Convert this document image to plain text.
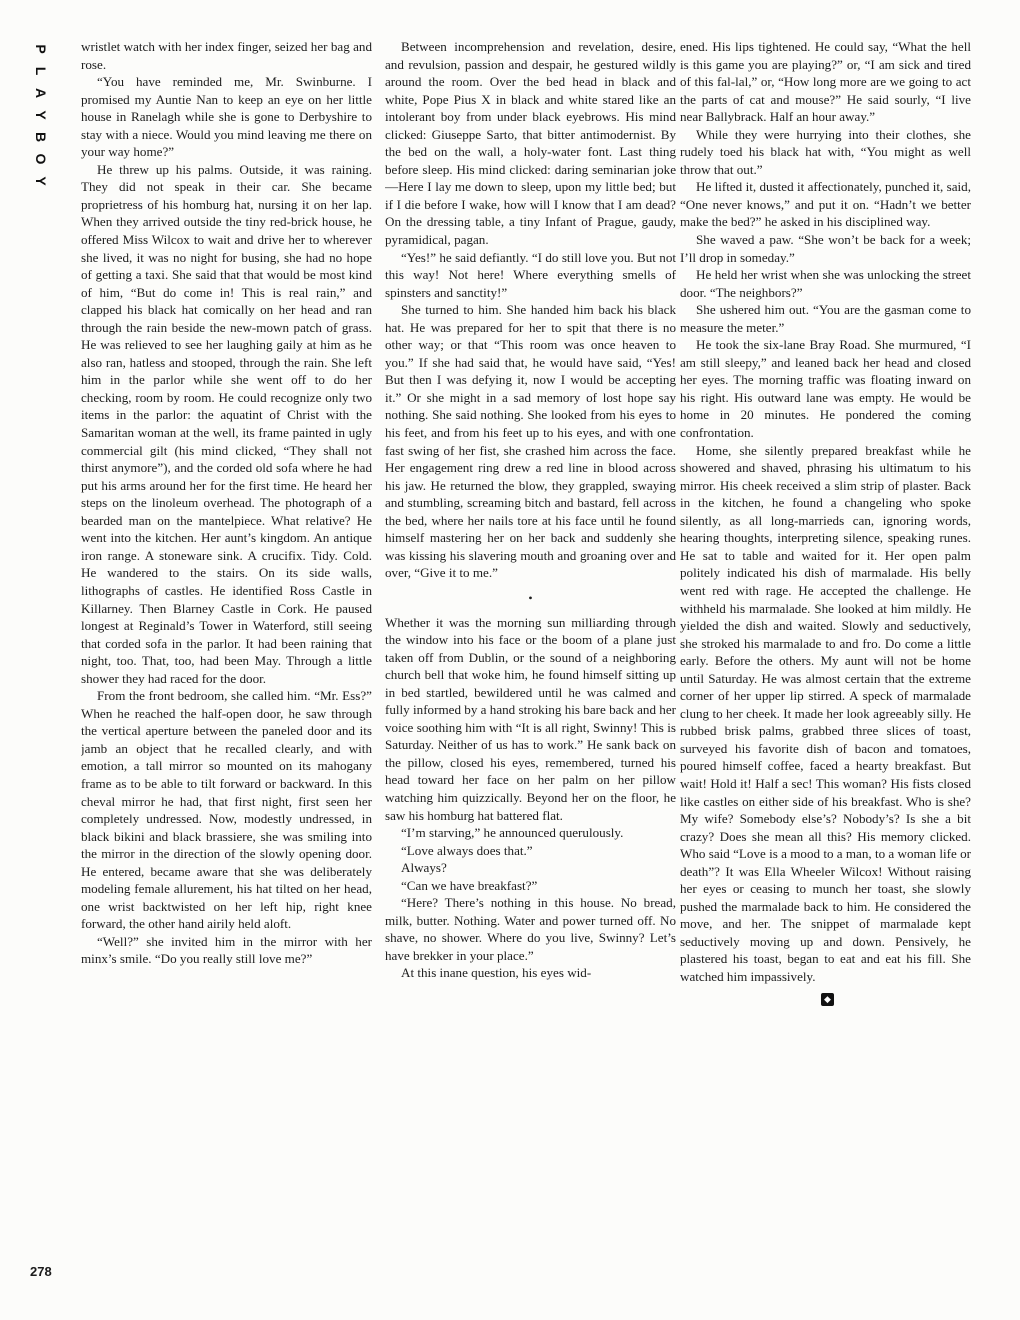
P
L
A
Y
B
O
Y
278

wristlet watch with her index finger, seized her bag and rose.

“You have reminded me, Mr. Swinburne. I promised my Auntie Nan to keep an eye on her little house in Ranelagh while she is gone to Derbyshire to stay with a niece. Would you mind leaving me there on your way home?”

He threw up his palms. Outside, it was raining. They did not speak in their car. She became proprietress of his homburg hat, nursing it on her lap. When they arrived outside the tiny red-brick house, he offered Miss Wilcox to wait and drive her to wherever she lived, it was no night for busing, she had no hope of getting a taxi. She said that that would be most kind of him, “But do come in! This is real rain,” and clapped his black hat comically on her head and ran through the rain beside the new-mown patch of grass. He was relieved to see her laughing gaily at him as he also ran, hatless and stooped, through the rain. She left him in the parlor while she went off to do her checking, room by room. He could recognize only two items in the parlor: the aquatint of Christ with the Samaritan woman at the well, its frame painted in ugly commercial gilt (his mind clicked, “They shall not thirst anymore”), and the corded old sofa where he had put his arms around her for the first time. He heard her steps on the linoleum overhead. The photograph of a bearded man on the mantelpiece. What relative? He went into the kitchen. Her aunt’s kingdom. An antique iron range. A stoneware sink. A crucifix. Tidy. Cold. He wandered to the stairs. On its side walls, lithographs of castles. He identified Ross Castle in Killarney. Then Blarney Castle in Cork. He paused longest at Reginald’s Tower in Waterford, still seeing that corded sofa in the parlor. It had been raining that night, too. That, too, had been May. Through a little shower they had raced for the door.

From the front bedroom, she called him. “Mr. Ess?” When he reached the half-open door, he saw through the vertical aperture between the paneled door and its jamb an object that he recalled clearly, and with emotion, a tall mirror so mounted on its mahogany frame as to be able to tilt forward or backward. In this cheval mirror he had, that first night, first seen her completely undressed. Now, modestly undressed, in black bikini and black brassiere, she was smiling into the mirror in the direction of the slowly opening door. He entered, became aware that she was deliberately modeling female allurement, his hat tilted on her head, one wrist backtwisted on her left hip, right knee forward, the other hand airily held aloft.

“Well?” she invited him in the mirror with her minx’s smile. “Do you really still love me?”

Between incomprehension and revelation, desire, and revulsion, passion and despair, he gestured wildly around the room. Over the bed head in black and white, Pope Pius X in black and white stared like an intolerant boy from under black eyebrows. His mind clicked: Giuseppe Sarto, that bitter antimodernist. By the bed on the wall, a holy-water font. Last thing before sleep. His mind clicked: daring seminarian joke—Here I lay me down to sleep, upon my little bed; but if I die before I wake, how will I know that I am dead? On the dressing table, a tiny Infant of Prague, gaudy, pyramidical, pagan.

“Yes!” he said defiantly. “I do still love you. But not this way! Not here! Where everything smells of spinsters and sanctity!”

She turned to him. She handed him back his black hat. He was prepared for her to spit that there is no other way; or that “This room was once heaven to you.” If she had said that, he would have said, “Yes! But then I was defying it, now I would be accepting it.” Or she might in a sad memory of lost hope say nothing. She said nothing. She looked from his eyes to his feet, and from his feet up to his eyes, and with one fast swing of her fist, she crashed him across the face. Her engagement ring drew a red line in blood across his jaw. He returned the blow, they grappled, swaying and stumbling, screaming bitch and bastard, fell across the bed, where her nails tore at his face until he found himself mastering her on her back and suddenly she was kissing his slavering mouth and groaning over and over, “Give it to me.”

•

Whether it was the morning sun milliarding through the window into his face or the boom of a plane just taken off from Dublin, or the sound of a neighboring church bell that woke him, he found himself sitting up in bed startled, bewildered until he was calmed and fully informed by a hand stroking his bare back and her voice soothing him with “It is all right, Swinny! This is Saturday. Neither of us has to work.” He sank back on the pillow, closed his eyes, remembered, turned his head toward her face on her palm on her pillow watching him quizzically. Beyond her on the floor, he saw his homburg hat battered flat.

“I’m starving,” he announced querulously.

“Love always does that.”

Always?

“Can we have breakfast?”

“Here? There’s nothing in this house. No bread, milk, butter. Nothing. Water and power turned off. No shave, no shower. Where do you live, Swinny? Let’s have brekker in your place.”

At this inane question, his eyes wid-

ened. His lips tightened. He could say, “What the hell is this game you are playing?” or, “I am sick and tired of this fal-lal,” or, “How long more are we going to act the parts of cat and mouse?” He said sourly, “I live near Ballybrack. Half an hour away.”

While they were hurrying into their clothes, she rudely toed his black hat with, “You might as well throw that out.”

He lifted it, dusted it affectionately, punched it, said, “One never knows,” and put it on. “Hadn’t we better make the bed?” he asked in his disciplined way.

She waved a paw. “She won’t be back for a week; I’ll drop in someday.”

He held her wrist when she was unlocking the street door. “The neighbors?”

She ushered him out. “You are the gasman come to measure the meter.”

He took the six-lane Bray Road. She murmured, “I am still sleepy,” and leaned back her head and closed her eyes. The morning traffic was floating inward on his right. His outward lane was empty. He would be home in 20 minutes. He pondered the coming confrontation.

Home, she silently prepared breakfast while he showered and shaved, phrasing his ultimatum to his mirror. His cheek received a slim strip of plaster. Back in the kitchen, he found a changeling who spoke silently, as all long-marrieds can, ignoring words, hearing thoughts, interpreting silence, speaking runes. He sat to table and waited for it. Her open palm politely indicated his dish of marmalade. His belly went red with rage. He accepted the challenge. He withheld his marmalade. She looked at him mildly. He yielded the dish and waited. Slowly and seductively, she stroked his marmalade to and fro. Do come a little early. Before the others. My aunt will not be home until Saturday. He was almost certain that the extreme corner of her upper lip stirred. A speck of marmalade clung to her cheek. It made her look agreeably silly. He rubbed brisk palms, grabbed three slices of toast, surveyed his favorite dish of bacon and tomatoes, poured himself coffee, faced a hearty breakfast. But wait! Hold it! Half a sec! This woman? His fists closed like castles on either side of his breakfast. Who is she? My wife? Somebody else’s? Nobody’s? Is she a bit crazy? Does she mean all this? His memory clicked. Who said “Love is a mood to a man, to a woman life or death”? It was Ella Wheeler Wilcox! Without raising her eyes or ceasing to munch her toast, she slowly pushed the marmalade back to him. He considered the move, and her. The snippet of marmalade kept seductively moving up and down. Pensively, he plastered his toast, began to eat and eat his fill. She watched him impassively.

◆
